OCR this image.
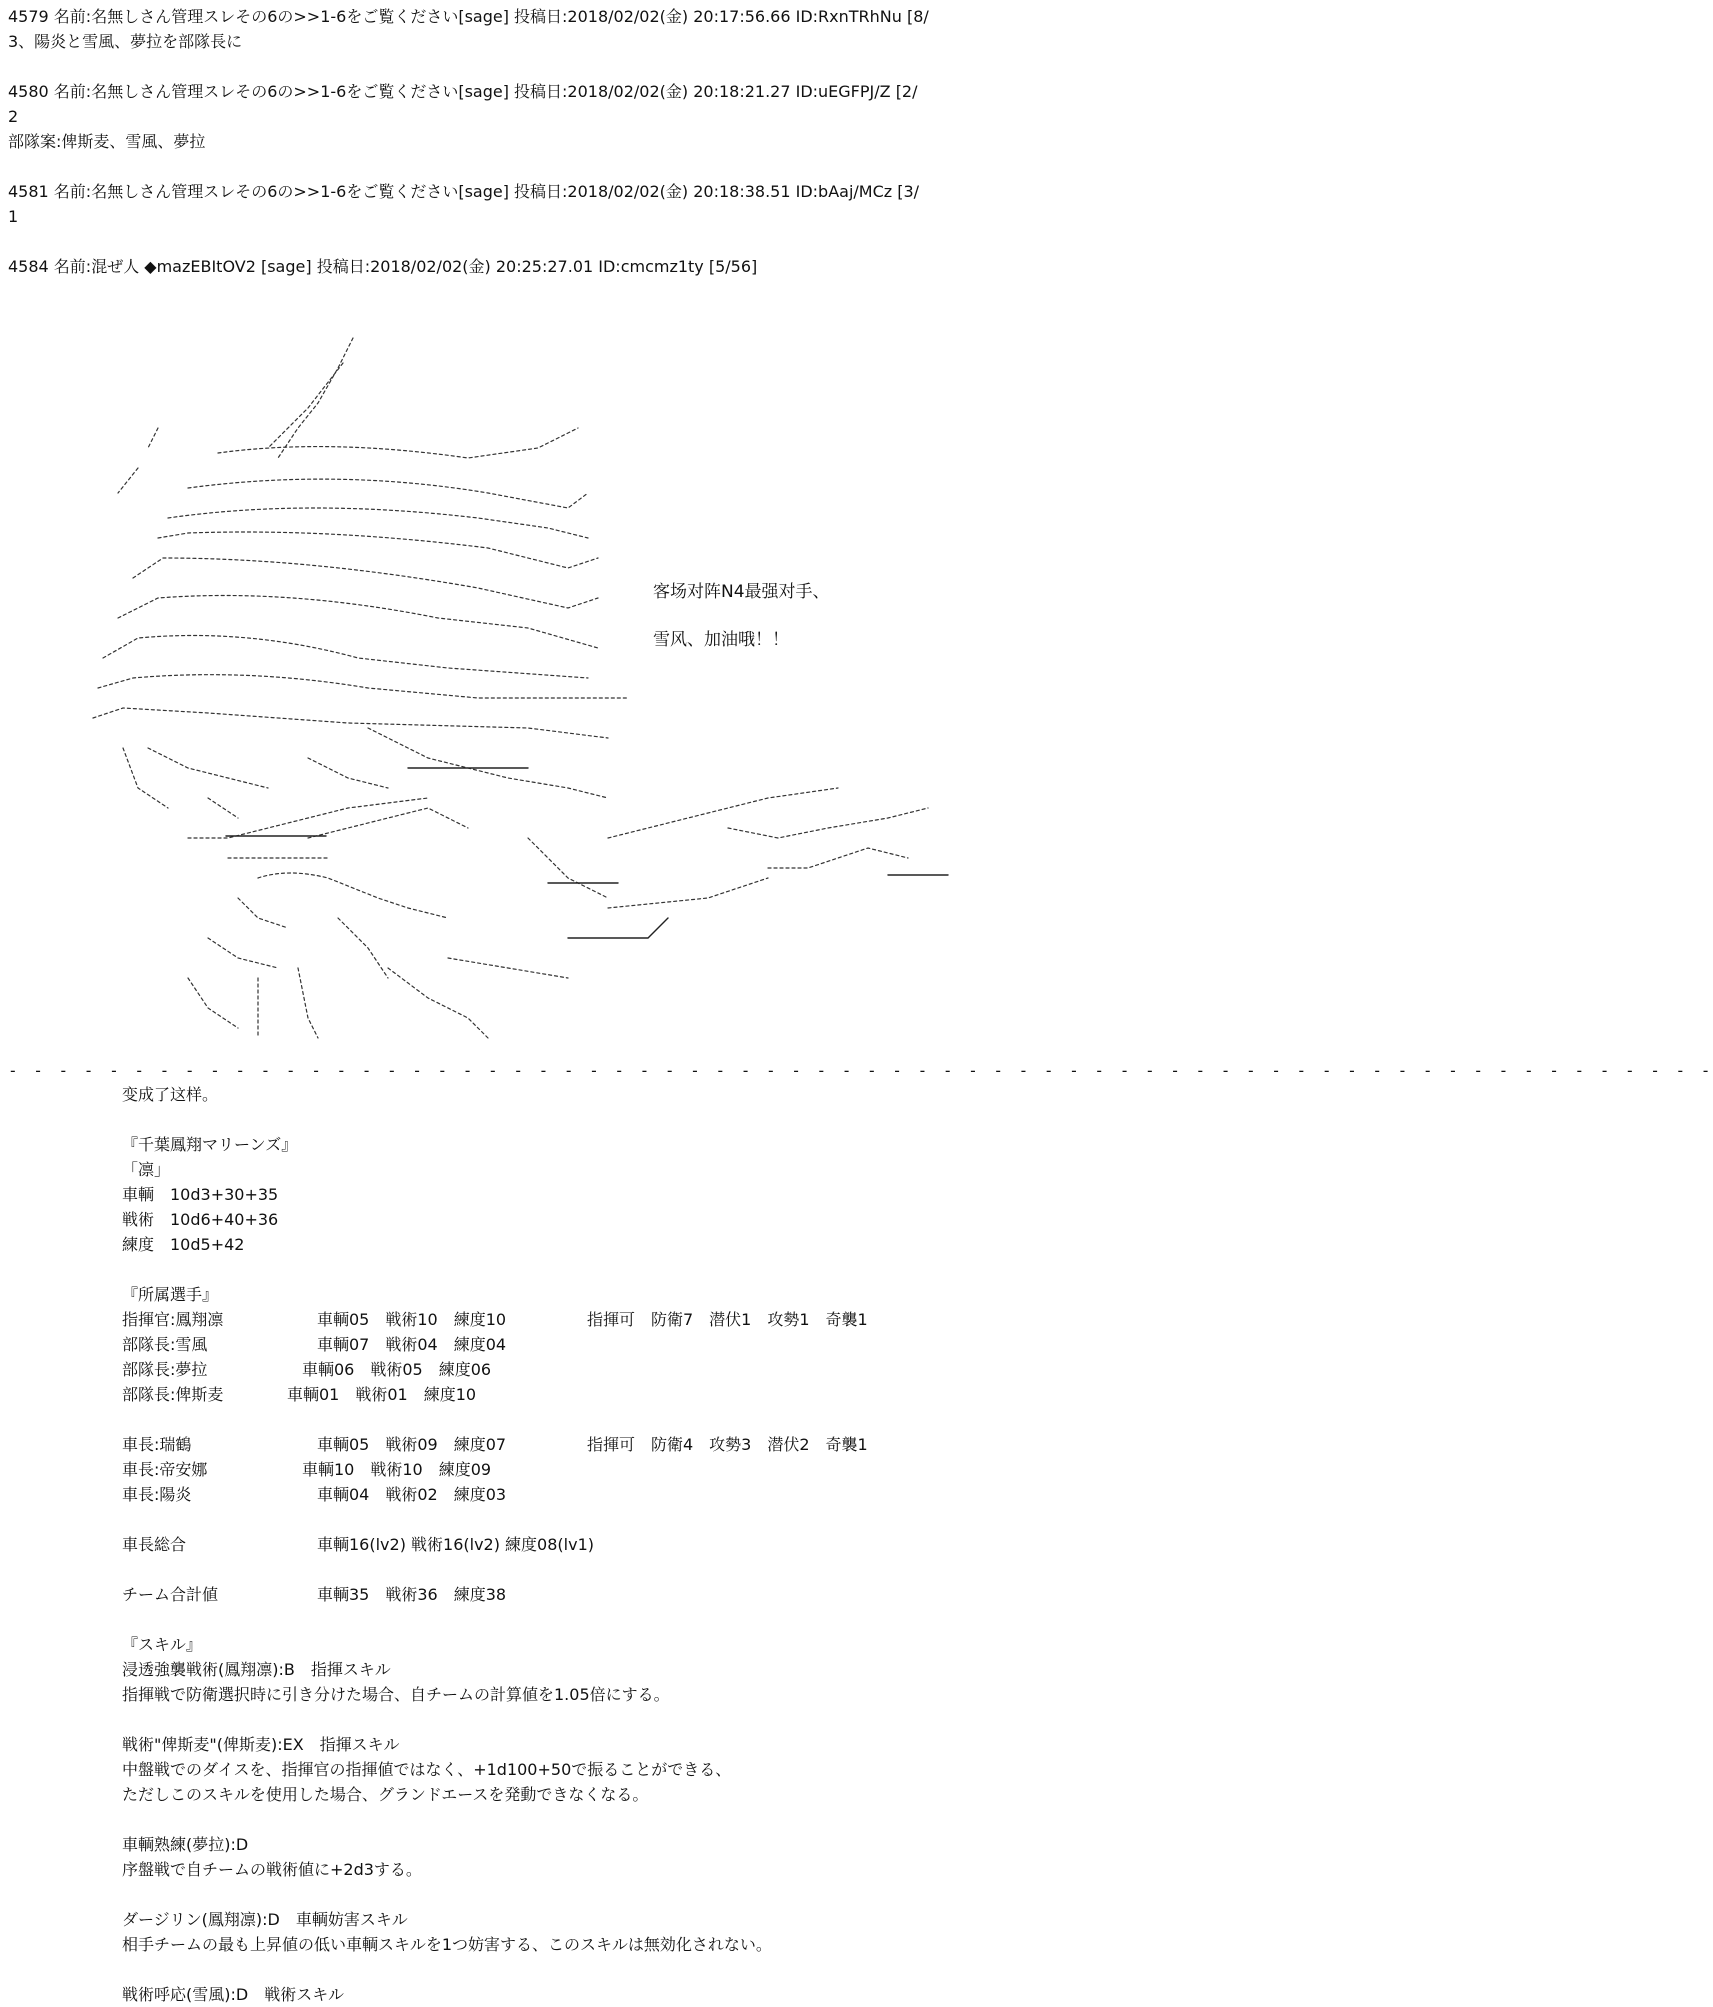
4579 名前:名無しさん管理スレその6の>>1-6をご覧ください[sage] 投稿日:2018/02/02(金) 20:17:56.66 ID:RxnTRhNu [8/
3、陽炎と雪風、夢拉を部隊長に
4580 名前:名無しさん管理スレその6の>>1-6をご覧ください[sage] 投稿日:2018/02/02(金) 20:18:21.27 ID:uEGFPJ/Z [2/
2
部隊案:俾斯麦、雪風、夢拉
4581 名前:名無しさん管理スレその6の>>1-6をご覧ください[sage] 投稿日:2018/02/02(金) 20:18:38.51 ID:bAaj/MCz [3/
1
4584 名前:混ぜ人 ◆mazEBItOV2 [sage] 投稿日:2018/02/02(金) 20:25:27.01 ID:cmcmz1ty [5/56]
客场对阵N4最强对手、
雪风、加油哦！！
- - - - - - - - - - - - - - - - - - - - - - - - - - - - - - - - - - - - - - - - - - - - - - - - - - - - - - - - - - - - - - - - - - - -
变成了这样。
『千葉鳳翔マリーンズ』
「凛」
車輌　10d3+30+35
戦術　10d6+40+36
練度　10d5+42
『所属選手』
指揮官:鳳翔凛	車輌05　戦術10　練度10	指揮可　防衛7　潜伏1　攻勢1　奇襲1
部隊長:雪風	車輌07　戦術04　練度04
部隊長:夢拉	車輌06　戦術05　練度06
部隊長:俾斯麦	車輌01　戦術01　練度10
車長:瑞鶴	車輌05　戦術09　練度07	指揮可　防衛4　攻勢3　潜伏2　奇襲1
車長:帝安娜	車輌10　戦術10　練度09
車長:陽炎	車輌04　戦術02　練度03
車長総合	車輌16(lv2) 戦術16(lv2) 練度08(lv1)
チーム合計値	車輌35　戦術36　練度38
『スキル』
浸透強襲戦術(鳳翔凛):B　指揮スキル
指揮戦で防衛選択時に引き分けた場合、自チームの計算値を1.05倍にする。
戦術"俾斯麦"(俾斯麦):EX　指揮スキル
中盤戦でのダイスを、指揮官の指揮値ではなく、+1d100+50で振ることができる、
ただしこのスキルを使用した場合、グランドエースを発動できなくなる。
車輌熟練(夢拉):D
序盤戦で自チームの戦術値に+2d3する。
ダージリン(鳳翔凛):D　車輌妨害スキル
相手チームの最も上昇値の低い車輌スキルを1つ妨害する、このスキルは無効化されない。
戦術呼応(雪風):D　戦術スキル
